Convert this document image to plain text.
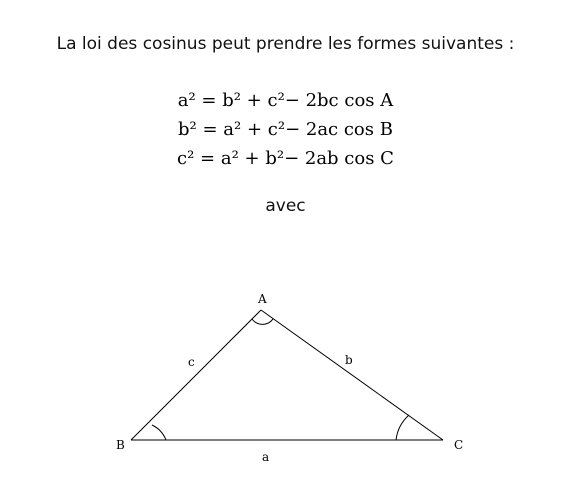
La loi des cosinus peut prendre les formes suivantes :
a² = b² + c²− 2bc cos A
b² = a² + c²− 2ac cos B
c² = a² + b²− 2ab cos C
avec
A
B	C
c	b
a
